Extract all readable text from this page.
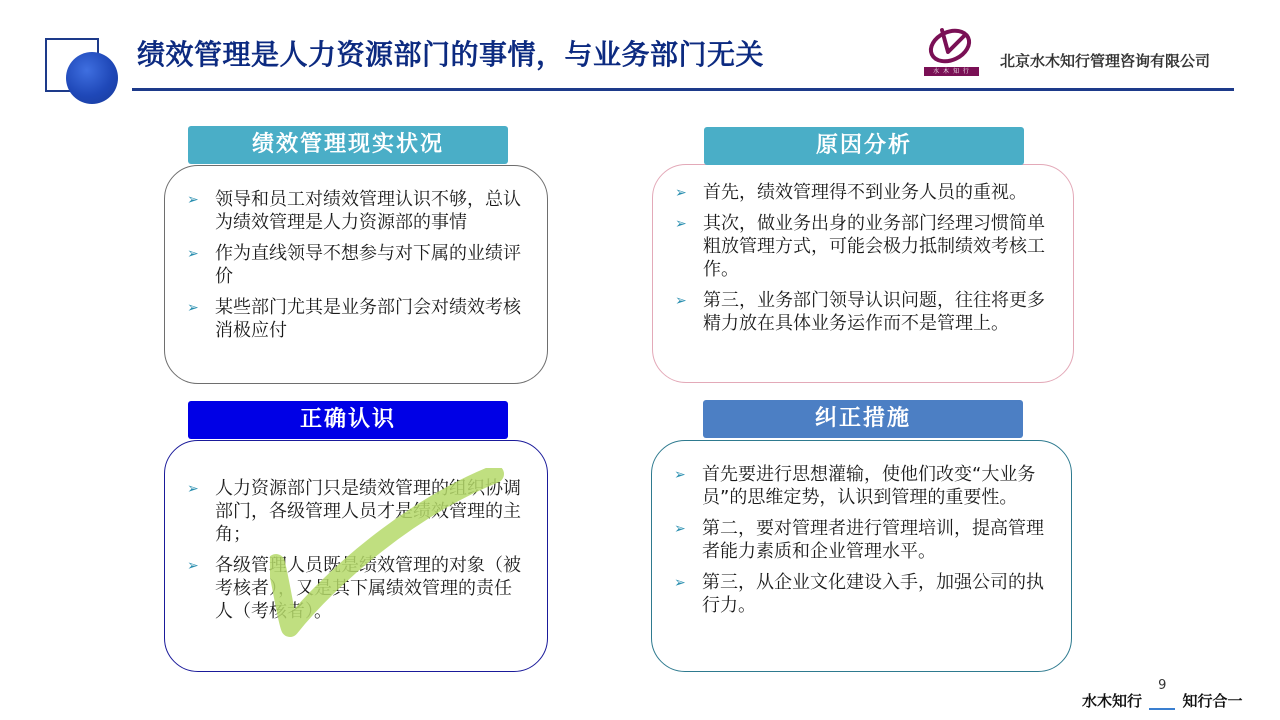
绩效管理是人力资源部门的事情，与业务部门无关
水 木 知 行
北京水木知行管理咨询有限公司
➢ 领导和员工对绩效管理认识不够，总认为绩效管理是人力资源部的事情
➢ 作为直线领导不想参与对下属的业绩评价
➢ 某些部门尤其是业务部门会对绩效考核消极应付
绩效管理现实状况
➢ 首先，绩效管理得不到业务人员的重视。
➢ 其次，做业务出身的业务部门经理习惯简单粗放管理方式，可能会极力抵制绩效考核工作。
➢ 第三，业务部门领导认识问题，往往将更多精力放在具体业务运作而不是管理上。
原因分析
➢ 人力资源部门只是绩效管理的组织协调部门，各级管理人员才是绩效管理的主角；
➢ 各级管理人员既是绩效管理的对象（被考核者），又是其下属绩效管理的责任人（考核者）。
正确认识
➢ 首先要进行思想灌输，使他们改变“大业务员”的思维定势，认识到管理的重要性。
➢ 第二，要对管理者进行管理培训，提高管理者能力素质和企业管理水平。
➢ 第三，从企业文化建设入手，加强公司的执行力。
纠正措施
水木知行
9
知行合一
